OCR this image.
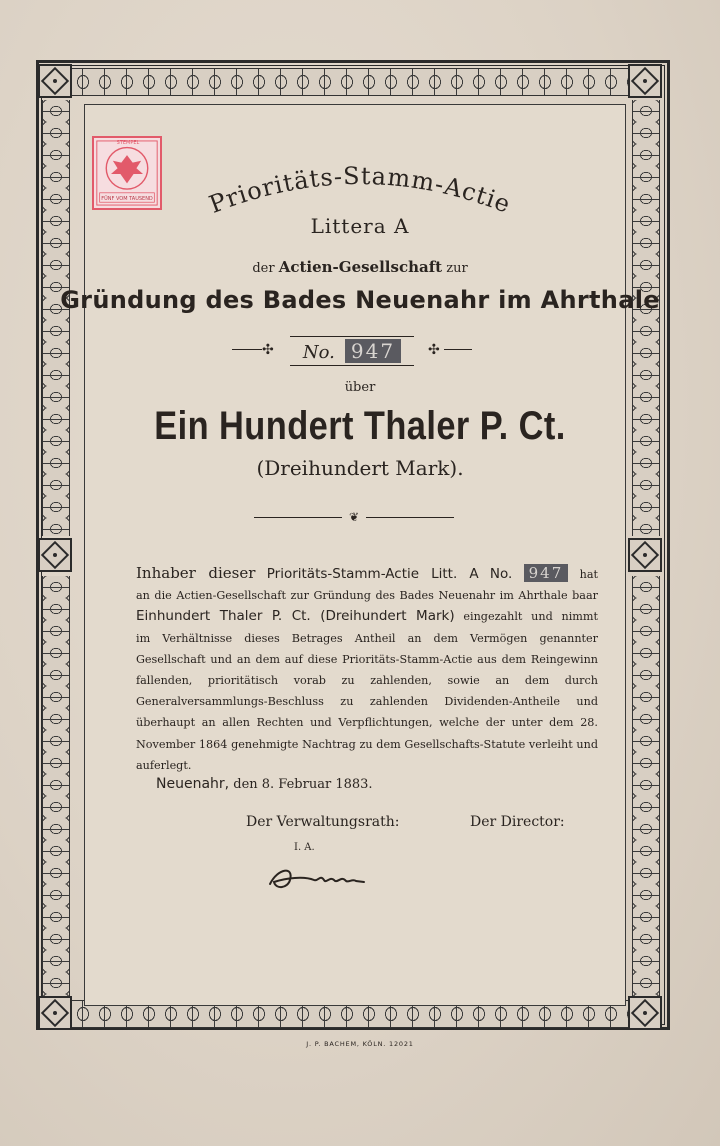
STEMPEL
FÜNF VOM TAUSEND	Prioritäts-Stamm-Actie
Littera A
der Actien-Gesellschaft zur
Gründung des Bades Neuenahr im Ahrthale
✣	No. 947	✣
über
Ein Hundert Thaler P. Ct.
(Dreihundert Mark).
❦

Inhaber dieser Prioritäts-Stamm-Actie Litt. A No. 947 hat

an die Actien-Gesellschaft zur Gründung des Bades Neuenahr im Ahrthale baar

Einhundert Thaler P. Ct. (Dreihundert Mark) eingezahlt und nimmt

im Verhältnisse dieses Betrages Antheil an dem Vermögen genannter Gesellschaft und an dem auf diese Prioritäts-Stamm-Actie aus dem Reingewinn fallenden, prioritätisch vorab zu zahlenden, sowie an dem durch Generalversammlungs-Beschluss zu zahlenden Dividenden-Antheile und überhaupt an allen Rechten und Verpflichtungen, welche der unter dem 28. November 1864 genehmigte Nachtrag zu dem Gesellschafts-Statute verleiht und auferlegt.

Neuenahr, den 8. Februar 1883.
Der Verwaltungsrath:	Der Director:
I. A.
J. P. BACHEM, KÖLN. 12021
